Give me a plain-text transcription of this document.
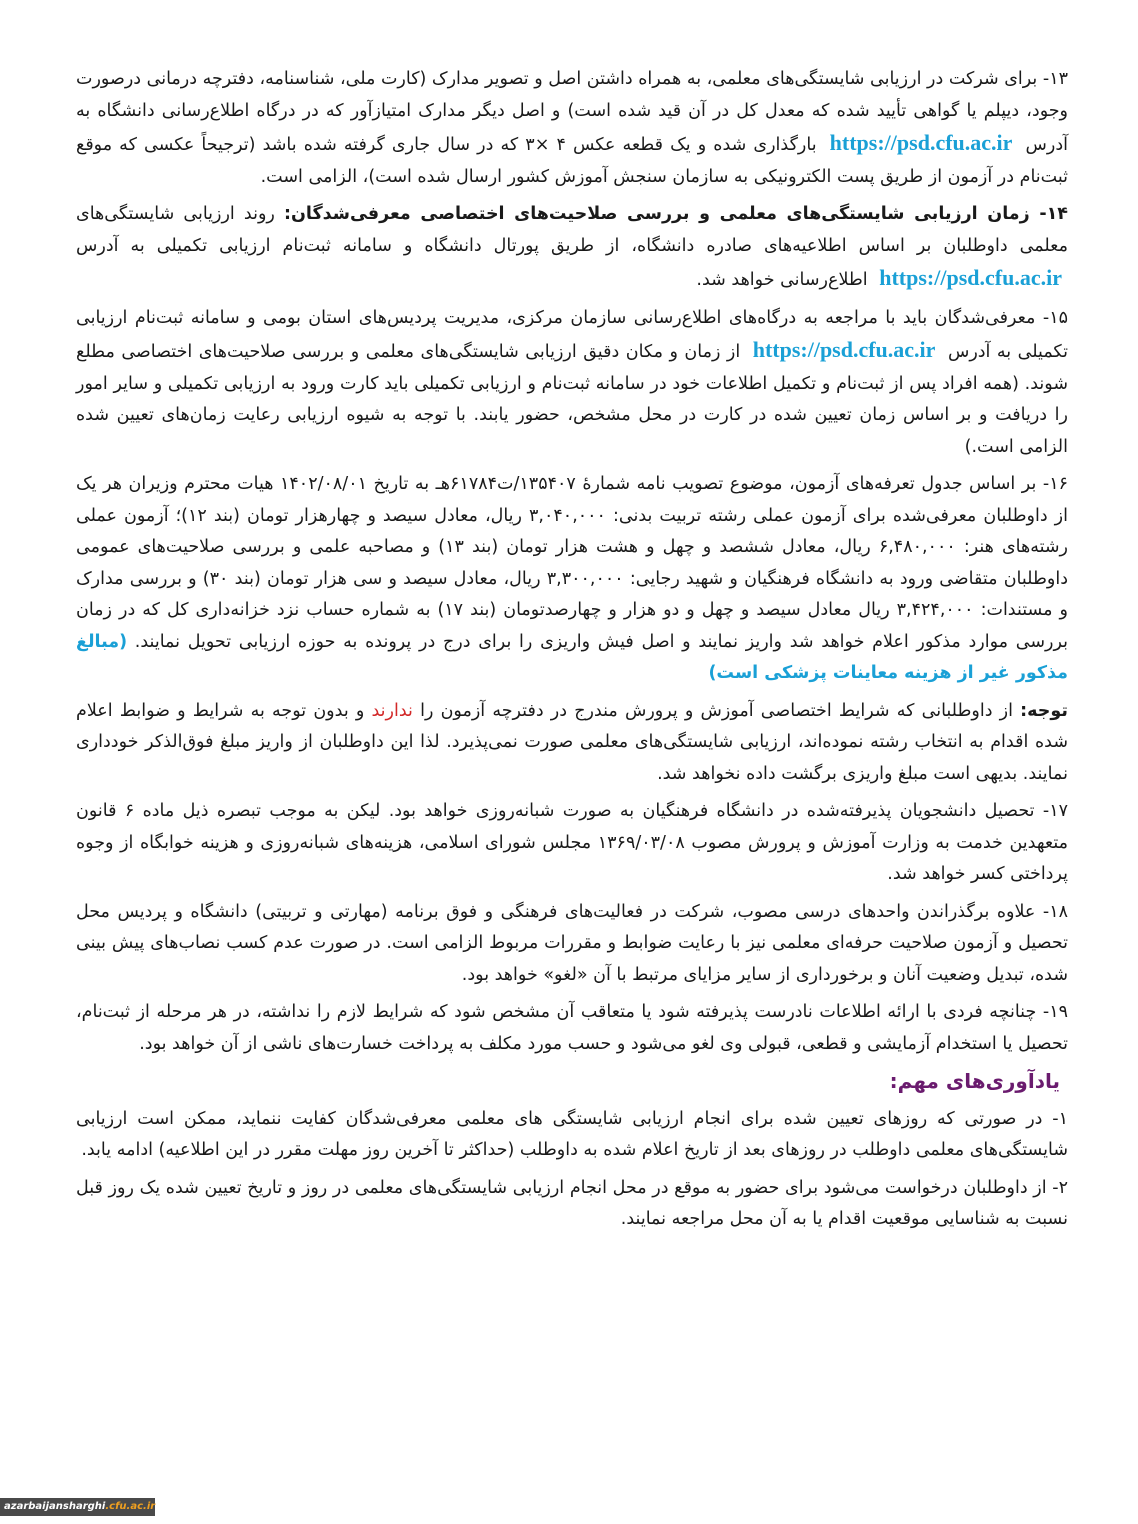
۱۳- برای شرکت در ارزیابی شایستگی‌های معلمی، به همراه داشتن اصل و تصویر مدارک (کارت ملی، شناسنامه، دفترچه درمانی درصورت وجود، دیپلم یا گواهی تأیید شده که معدل کل در آن قید شده است) و اصل دیگر مدارک امتیازآور که در درگاه اطلاع‌رسانی دانشگاه به آدرس https://psd.cfu.ac.ir بارگذاری شده و یک قطعه عکس ۴ ×۳ که در سال جاری گرفته شده باشد (ترجیحاً عکسی که موقع ثبت‌نام در آزمون از طریق پست الکترونیکی به سازمان سنجش آموزش کشور ارسال شده است)، الزامی است.

۱۴- زمان ارزیابی شایستگی‌های معلمی و بررسی صلاحیت‌های اختصاصی معرفی‌شدگان: روند ارزیابی شایستگی‌های معلمی داوطلبان بر اساس اطلاعیه‌های صادره دانشگاه، از طریق پورتال دانشگاه و سامانه ثبت‌نام ارزیابی تکمیلی به آدرس https://psd.cfu.ac.ir اطلاع‌رسانی خواهد شد.

۱۵- معرفی‌شدگان باید با مراجعه به درگاه‌های اطلاع‌رسانی سازمان مرکزی، مدیریت پردیس‌های استان بومی و سامانه ثبت‌نام ارزیابی تکمیلی به آدرس https://psd.cfu.ac.ir از زمان و مکان دقیق ارزیابی شایستگی‌های معلمی و بررسی صلاحیت‌های اختصاصی مطلع شوند. (همه افراد پس از ثبت‌نام و تکمیل اطلاعات خود در سامانه ثبت‌نام و ارزیابی تکمیلی باید کارت ورود به ارزیابی تکمیلی و سایر امور را دریافت و بر اساس زمان تعیین شده در کارت در محل مشخص، حضور یابند. با توجه به شیوه ارزیابی رعایت زمان‌های تعیین شده الزامی است.)

۱۶- بر اساس جدول تعرفه‌های آزمون، موضوع تصویب نامه شمارۀ ۱۳۵۴۰۷/ت۶۱۷۸۴هـ به تاریخ ۱۴۰۲/۰۸/۰۱ هیات محترم وزیران هر یک از داوطلبان معرفی‌شده برای آزمون عملی رشته تربیت بدنی: ۳,۰۴۰,۰۰۰ ریال، معادل سیصد و چهارهزار تومان (بند ۱۲)؛ آزمون عملی رشته‌های هنر: ۶,۴۸۰,۰۰۰ ریال، معادل ششصد و چهل و هشت هزار تومان (بند ۱۳) و مصاحبه علمی و بررسی صلاحیت‌های عمومی داوطلبان متقاضی ورود به دانشگاه فرهنگیان و شهید رجایی: ۳,۳۰۰,۰۰۰ ریال، معادل سیصد و سی هزار تومان (بند ۳۰) و بررسی مدارک و مستندات: ۳,۴۲۴,۰۰۰ ریال معادل سیصد و چهل و دو هزار و چهارصدتومان (بند ۱۷) به شماره حساب نزد خزانه‌داری کل که در زمان بررسی موارد مذکور اعلام خواهد شد واریز نمایند و اصل فیش واریزی را برای درج در پرونده به حوزه ارزیابی تحویل نمایند. (مبالغ مذکور غیر از هزینه معاینات پزشکی است)

توجه: از داوطلبانی که شرایط اختصاصی آموزش و پرورش مندرج در دفترچه آزمون را ندارند و بدون توجه به شرایط و ضوابط اعلام شده اقدام به انتخاب رشته نموده‌اند، ارزیابی شایستگی‌های معلمی صورت نمی‌پذیرد. لذا این داوطلبان از واریز مبلغ فوق‌الذکر خودداری نمایند. بدیهی است مبلغ واریزی برگشت داده نخواهد شد.

۱۷- تحصیل دانشجویان پذیرفته‌شده در دانشگاه فرهنگیان به صورت شبانه‌روزی خواهد بود. لیکن به موجب تبصره ذیل ماده ۶ قانون متعهدین خدمت به وزارت آموزش و پرورش مصوب ۱۳۶۹/۰۳/۰۸ مجلس شورای اسلامی، هزینه‌های شبانه‌روزی و هزینه خوابگاه از وجوه پرداختی کسر خواهد شد.

۱۸- علاوه برگذراندن واحدهای درسی مصوب، شرکت در فعالیت‌های فرهنگی و فوق برنامه (مهارتی و تربیتی) دانشگاه و پردیس محل تحصیل و آزمون صلاحیت حرفه‌ای معلمی نیز با رعایت ضوابط و مقررات مربوط الزامی است. در صورت عدم کسب نصاب‌های پیش بینی شده، تبدیل وضعیت آنان و برخورداری از سایر مزایای مرتبط با آن «لغو» خواهد بود.

۱۹- چنانچه فردی با ارائه اطلاعات نادرست پذیرفته شود یا متعاقب آن مشخص شود که شرایط لازم را نداشته، در هر مرحله از ثبت‌نام، تحصیل یا استخدام آزمایشی و قطعی، قبولی وی لغو می‌شود و حسب مورد مکلف به پرداخت خسارت‌های ناشی از آن خواهد بود.

یادآوری‌های مهم:

۱- در صورتی که روزهای تعیین شده برای انجام ارزیابی شایستگی های معلمی معرفی‌شدگان کفایت ننماید، ممکن است ارزیابی شایستگی‌های معلمی داوطلب در روزهای بعد از تاریخ اعلام شده به داوطلب (حداکثر تا آخرین روز مهلت مقرر در این اطلاعیه) ادامه یابد.

۲- از داوطلبان درخواست می‌شود برای حضور به موقع در محل انجام ارزیابی شایستگی‌های معلمی در روز و تاریخ تعیین شده یک روز قبل نسبت به شناسایی موقعیت اقدام یا به آن محل مراجعه نمایند.

azarbaijansharghi.cfu.ac.ir
